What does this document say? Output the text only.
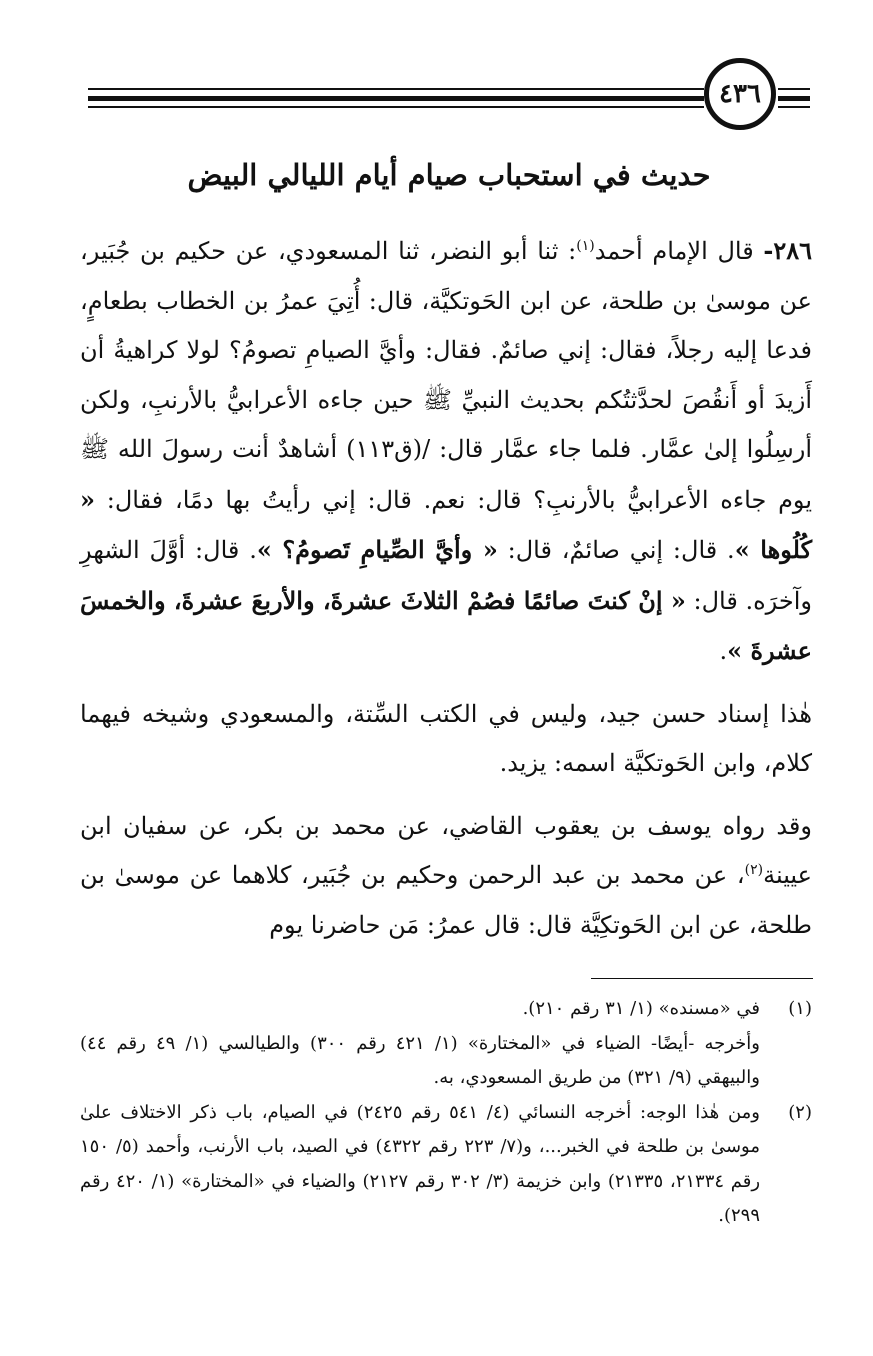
٤٣٦
حديث في استحباب صيام أيام الليالي البيض

٢٨٦- قال الإمام أحمد$^{(١)}$: ثنا أبو النضر، ثنا المسعودي، عن حكيم بن جُبَير، عن موسىٰ بن طلحة، عن ابن الحَوتكيَّة، قال: أُتِيَ عمرُ بن الخطاب بطعامٍ، فدعا إليه رجلاً، فقال: إني صائمٌ. فقال: وأيَّ الصيامِ تصومُ؟ لولا كراهيةُ أن أَزيدَ أو أَنقُصَ لحدَّثتُكم بحديث النبيِّ ﷺ حين جاءه الأعرابيُّ بالأرنبِ، ولكن أرسِلُوا إلىٰ عمَّار. فلما جاء عمَّار قال: /(ق١١٣) أشاهدٌ أنت رسولَ الله ﷺ يوم جاءه الأعرابيُّ بالأرنبِ؟ قال: نعم. قال: إني رأيتُ بها دمًا، فقال: « كُلُوها ». قال: إني صائمٌ، قال: « وأيَّ الصِّيامِ تَصومُ؟ ». قال: أوَّلَ الشهرِ وآخرَه. قال: « إنْ كنتَ صائمًا فصُمْ الثلاثَ عشرةَ، والأربعَ عشرةَ، والخمسَ عشرةَ ».

هٰذا إسناد حسن جيد، وليس في الكتب السِّتة، والمسعودي وشيخه فيهما كلام، وابن الحَوتكيَّة اسمه: يزيد.

وقد رواه يوسف بن يعقوب القاضي، عن محمد بن بكر، عن سفيان ابن عيينة$^{(٢)}$، عن محمد بن عبد الرحمن وحكيم بن جُبَير، كلاهما عن موسىٰ بن طلحة، عن ابن الحَوتكِيَّة قال: قال عمرُ: مَن حاضرنا يوم

(١)
في «مسنده» (١/ ٣١ رقم ٢١٠).
وأخرجه -أيضًا- الضياء في «المختارة» (١/ ٤٢١ رقم ٣٠٠) والطيالسي (١/ ٤٩ رقم ٤٤) والبيهقي (٩/ ٣٢١) من طريق المسعودي، به.
(٢)
ومن هٰذا الوجه: أخرجه النسائي (٤/ ٥٤١ رقم ٢٤٢٥) في الصيام، باب ذكر الاختلاف علىٰ موسىٰ بن طلحة في الخبر...، و(٧/ ٢٢٣ رقم ٤٣٢٢) في الصيد، باب الأرنب، وأحمد (٥/ ١٥٠ رقم ٢١٣٣٤، ٢١٣٣٥) وابن خزيمة (٣/ ٣٠٢ رقم ٢١٢٧) والضياء في «المختارة» (١/ ٤٢٠ رقم ٢٩٩).
